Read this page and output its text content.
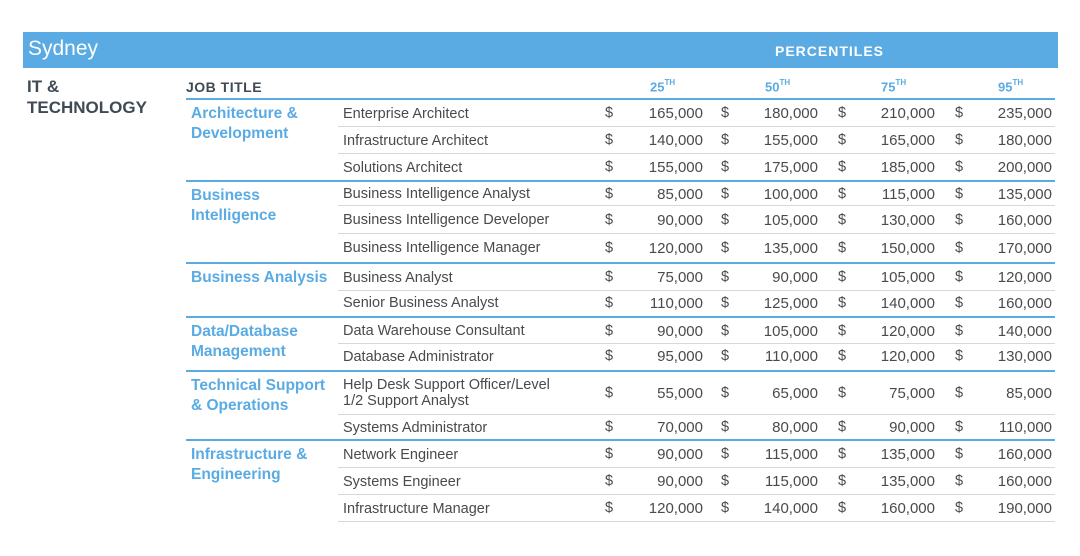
Sydney	PERCENTILES
IT & TECHNOLOGY
JOB TITLE	25TH	50TH	75TH	95TH
Architecture & Development
Enterprise Architect	$	165,000 $	180,000 $	210,000 $	235,000
Infrastructure Architect	$	140,000 $	155,000 $	165,000 $	180,000
Solutions Architect	$	155,000 $	175,000 $	185,000 $	200,000
Business Intelligence
Business Intelligence Analyst	$	85,000 $	100,000 $	115,000 $	135,000
Business Intelligence Developer	$	90,000 $	105,000 $	130,000 $	160,000
Business Intelligence Manager	$	120,000 $	135,000 $	150,000 $	170,000
Business Analysis	Business Analyst	$	75,000 $	90,000 $	105,000 $	120,000
Senior Business Analyst	$	110,000 $	125,000 $	140,000 $	160,000
Data/Database Management
Data Warehouse Consultant	$	90,000 $	105,000 $	120,000 $	140,000
Database Administrator	$	95,000 $	110,000 $	120,000 $	130,000
Technical Support & Operations
Help Desk Support Officer/Level 1/2 Support Analyst	$	55,000 $	65,000 $	75,000 $	85,000
Systems Administrator	$	70,000 $	80,000 $	90,000 $	110,000
Infrastructure & Engineering
Network Engineer	$	90,000 $	115,000 $	135,000 $	160,000
Systems Engineer	$	90,000 $	115,000 $	135,000 $	160,000
Infrastructure Manager	$	120,000 $	140,000 $	160,000 $	190,000
